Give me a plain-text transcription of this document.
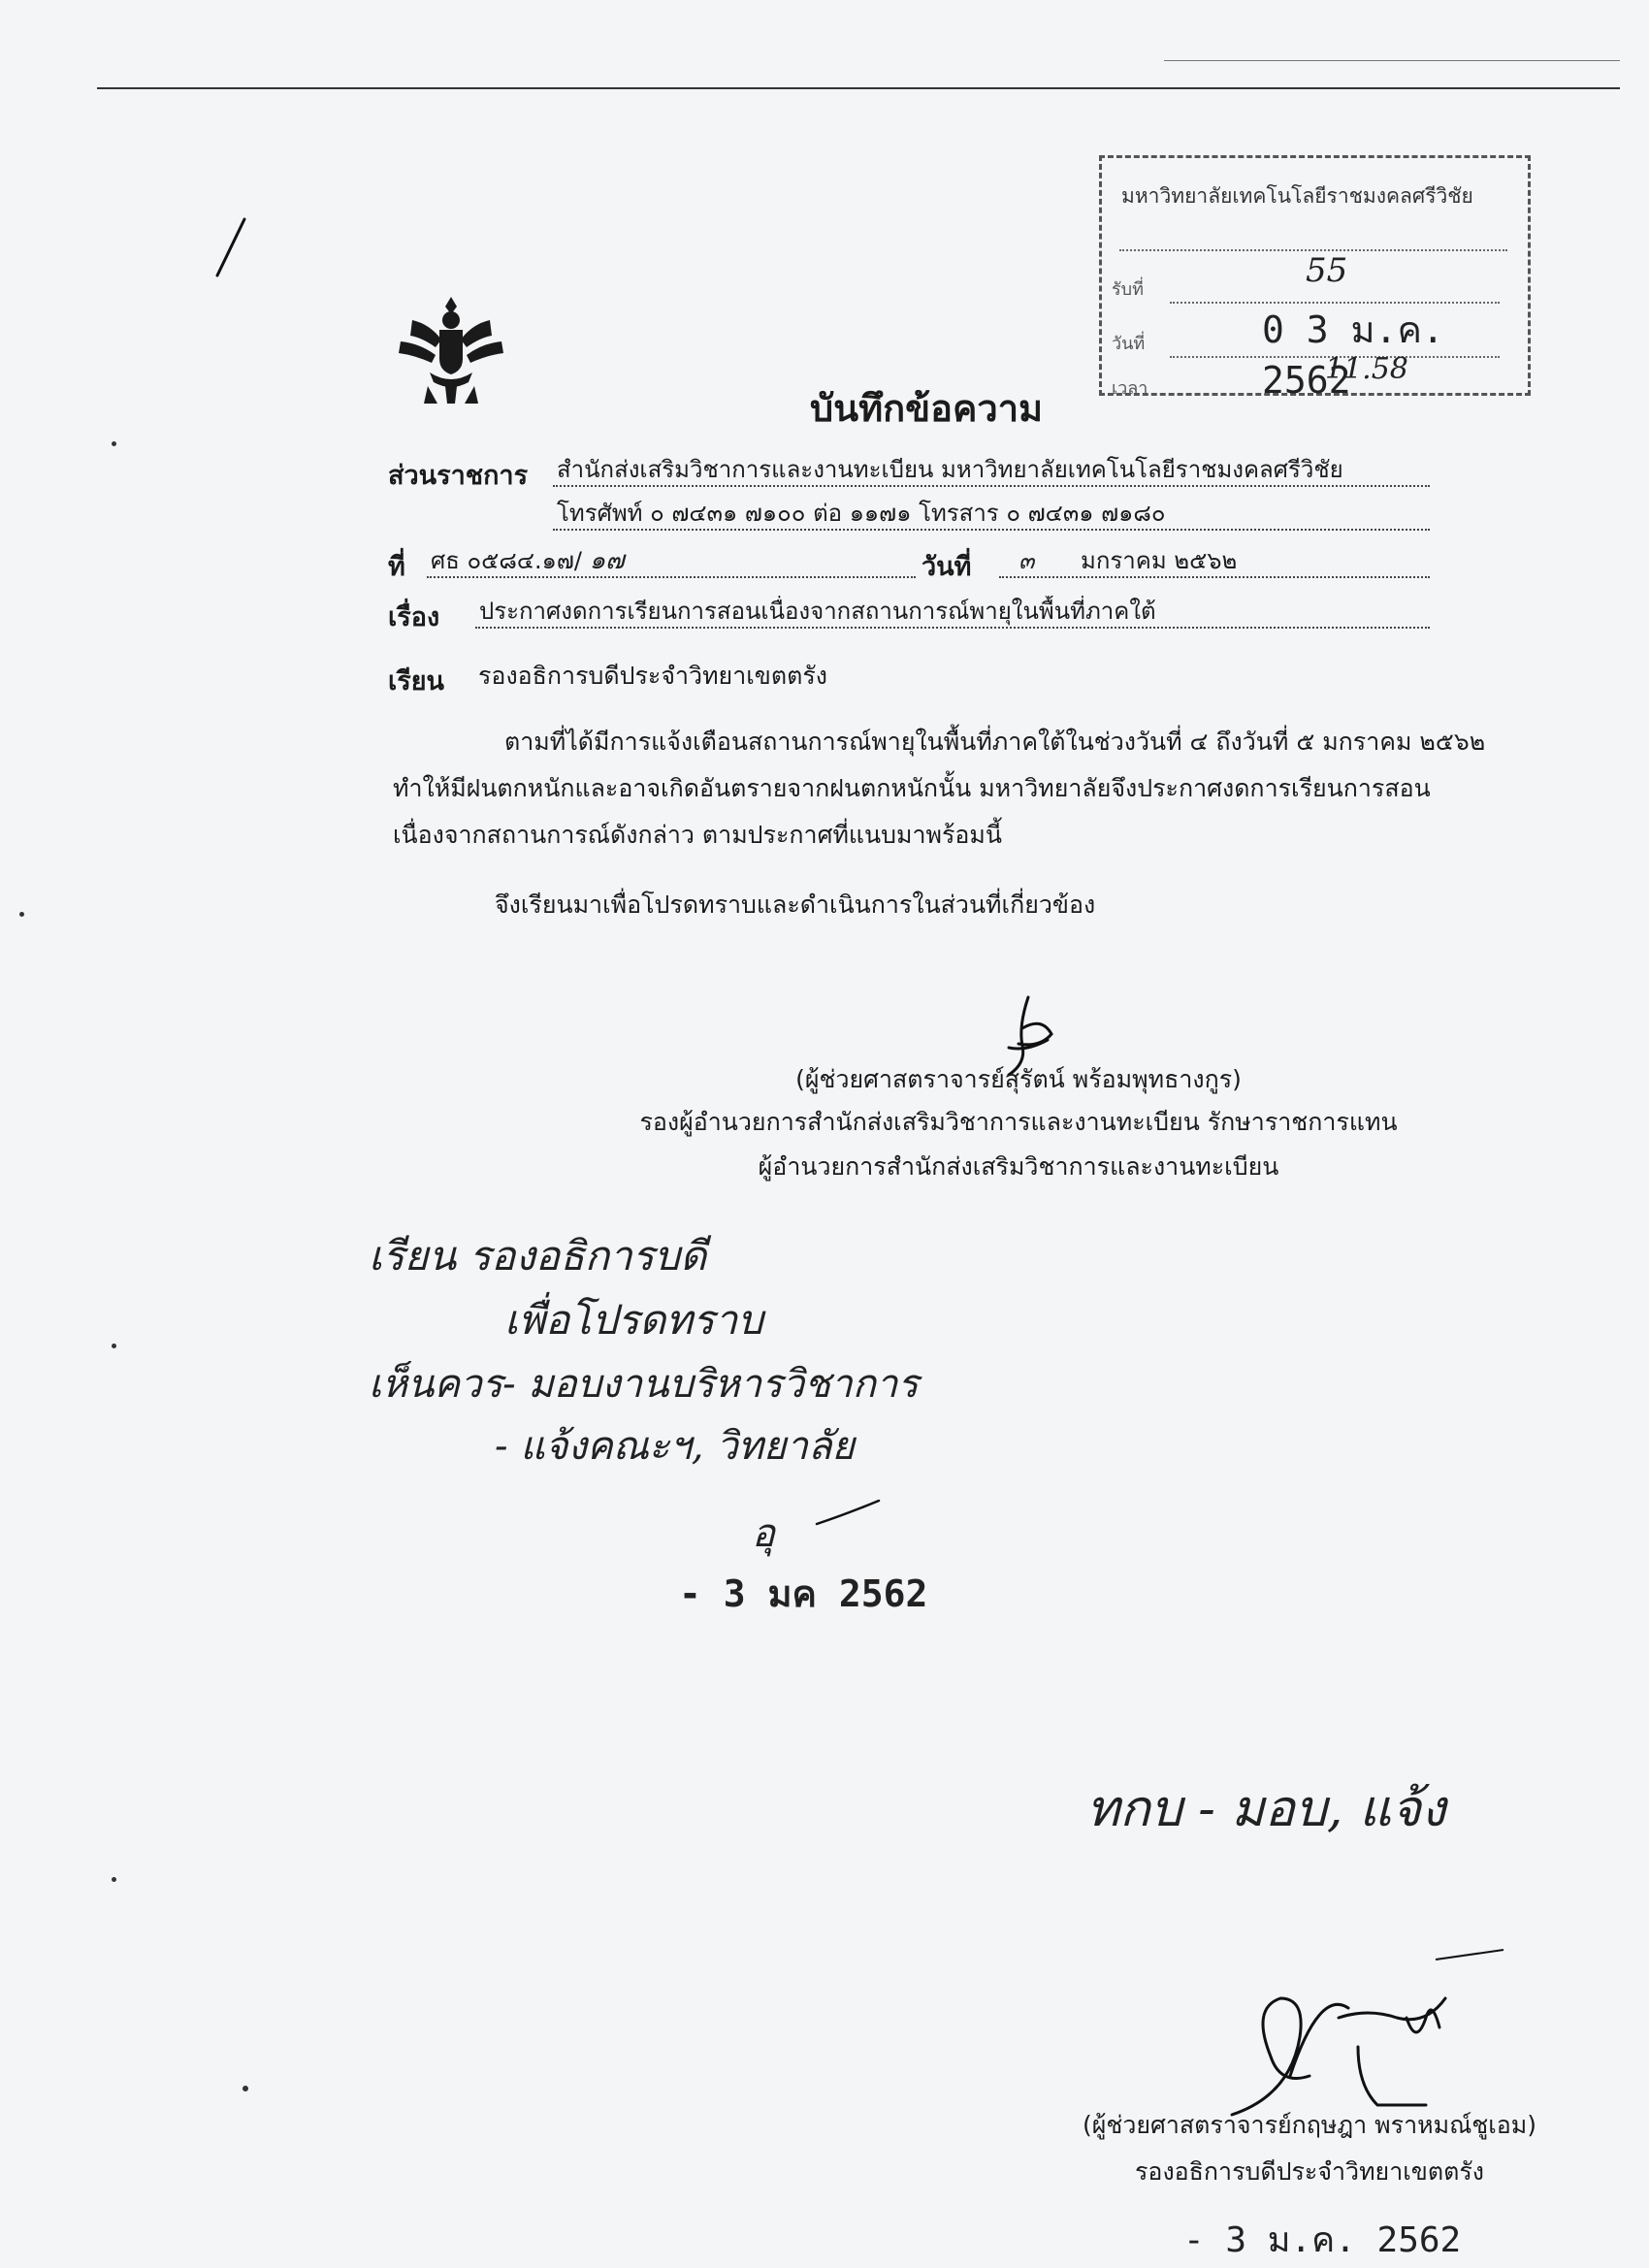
มหาวิทยาลัยเทคโนโลยีราชมงคลศรีวิชัย
รับที่
วันที่
เวลา
55
0 3 ม.ค. 2562
11.58
บันทึกข้อความ
ส่วนราชการ สำนักส่งเสริมวิชาการและงานทะเบียน มหาวิทยาลัยเทคโนโลยีราชมงคลศรีวิชัย
โทรศัพท์ ๐ ๗๔๓๑ ๗๑๐๐ ต่อ ๑๑๗๑ โทรสาร ๐ ๗๔๓๑ ๗๑๘๐
ที่ ศธ ๐๕๘๔.๑๗/ ๑๗	วันที่	๓ มกราคม ๒๕๖๒
เรื่อง ประกาศงดการเรียนการสอนเนื่องจากสถานการณ์พายุในพื้นที่ภาคใต้
เรียน รองอธิการบดีประจำวิทยาเขตตรัง
ตามที่ได้มีการแจ้งเตือนสถานการณ์พายุในพื้นที่ภาคใต้ในช่วงวันที่ ๔ ถึงวันที่ ๕ มกราคม ๒๕๖๒
ทำให้มีฝนตกหนักและอาจเกิดอันตรายจากฝนตกหนักนั้น มหาวิทยาลัยจึงประกาศงดการเรียนการสอน
เนื่องจากสถานการณ์ดังกล่าว ตามประกาศที่แนบมาพร้อมนี้
จึงเรียนมาเพื่อโปรดทราบและดำเนินการในส่วนที่เกี่ยวข้อง
(ผู้ช่วยศาสตราจารย์สุรัตน์ พร้อมพุทธางกูร)
รองผู้อำนวยการสำนักส่งเสริมวิชาการและงานทะเบียน รักษาราชการแทน
ผู้อำนวยการสำนักส่งเสริมวิชาการและงานทะเบียน
เรียน รองอธิการบดี
เพื่อโปรดทราบ
เห็นควร- มอบงานบริหารวิชาการ
- แจ้งคณะฯ, วิทยาลัย
อุ
- 3 มค 2562
ทกบ - มอบ, แจ้ง
(ผู้ช่วยศาสตราจารย์กฤษฎา พราหมณ์ชูเอม)
รองอธิการบดีประจำวิทยาเขตตรัง
- 3 ม.ค. 2562
